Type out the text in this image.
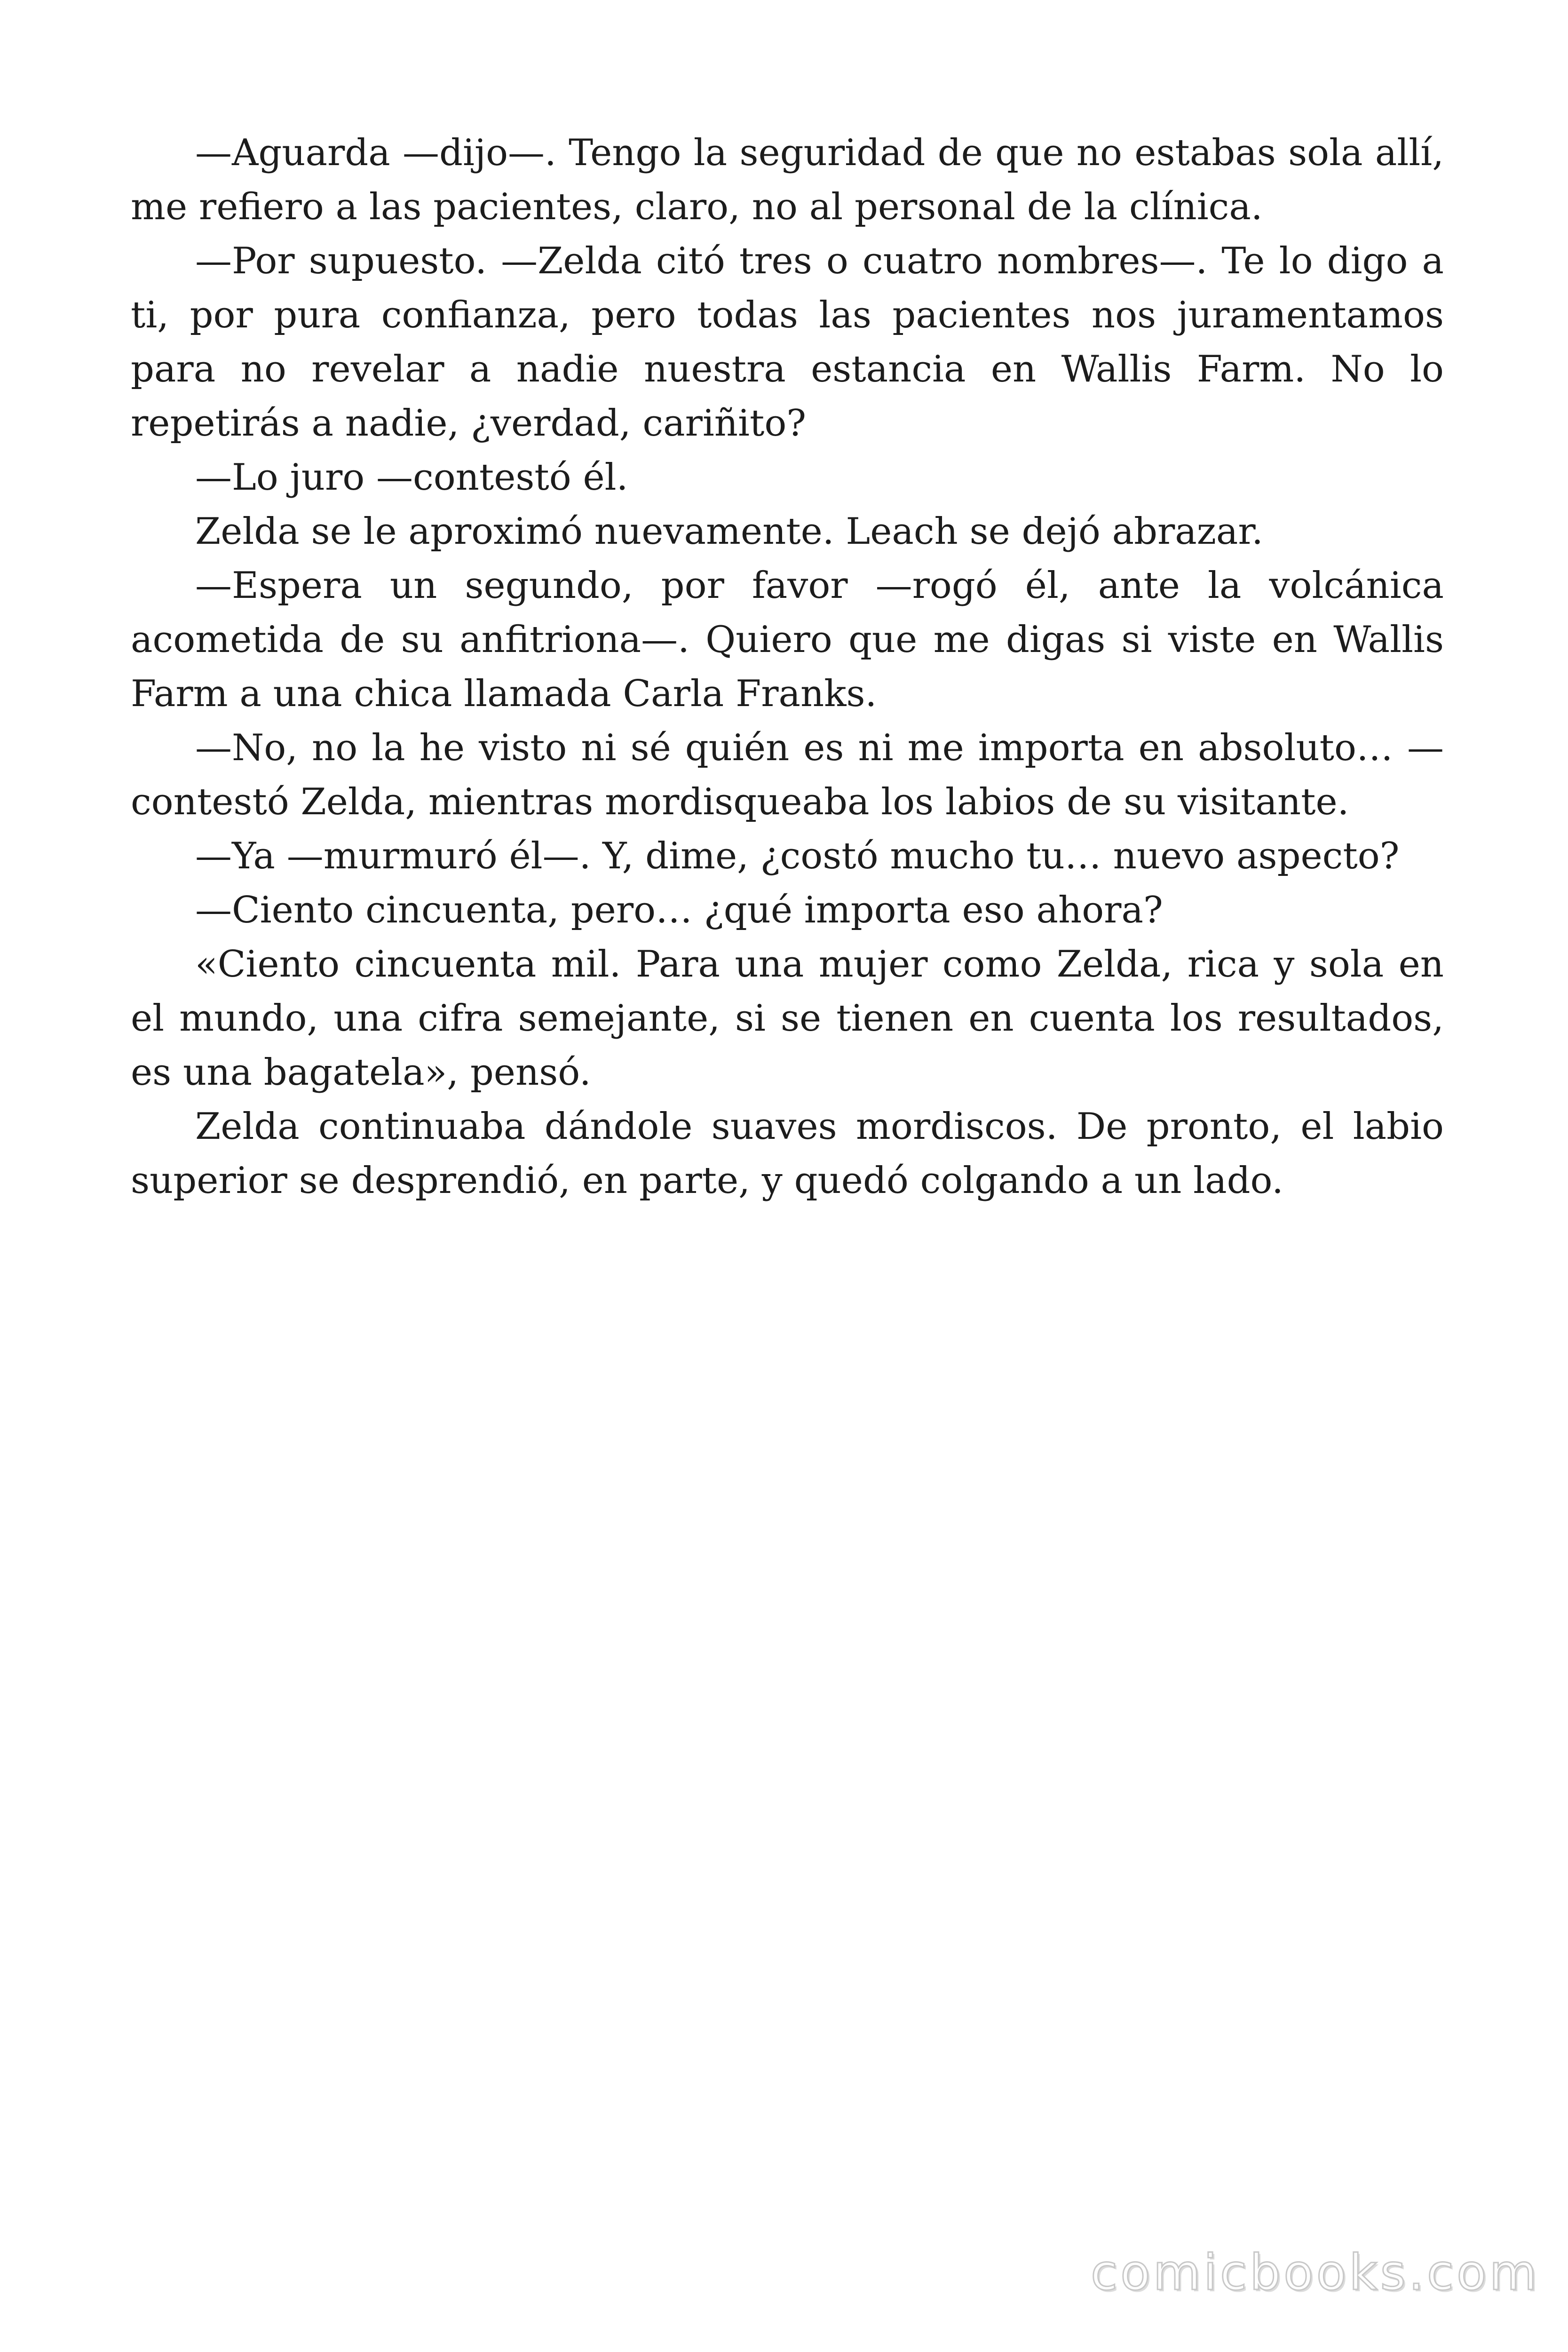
—Aguarda —dijo—. Tengo la seguridad de que no estabas sola allí, me refiero a las pacientes, claro, no al personal de la clínica.

—Por supuesto. —Zelda citó tres o cuatro nombres—. Te lo digo a ti, por pura confianza, pero todas las pacientes nos juramentamos para no revelar a nadie nuestra estancia en Wallis Farm. No lo repetirás a nadie, ¿verdad, cariñito?

—Lo juro —contestó él.

Zelda se le aproximó nuevamente. Leach se dejó abrazar.

—Espera un segundo, por favor —rogó él, ante la volcánica acometida de su anfitriona—. Quiero que me digas si viste en Wallis Farm a una chica llamada Carla Franks.

—No, no la he visto ni sé quién es ni me importa en absoluto… —contestó Zelda, mientras mordisqueaba los labios de su visitante.

—Ya —murmuró él—. Y, dime, ¿costó mucho tu… nuevo aspecto?

—Ciento cincuenta, pero… ¿qué importa eso ahora?

«Ciento cincuenta mil. Para una mujer como Zelda, rica y sola en el mundo, una cifra semejante, si se tienen en cuenta los resultados, es una bagatela», pensó.

Zelda continuaba dándole suaves mordiscos. De pronto, el labio superior se desprendió, en parte, y quedó colgando a un lado.

comicbooks.com
